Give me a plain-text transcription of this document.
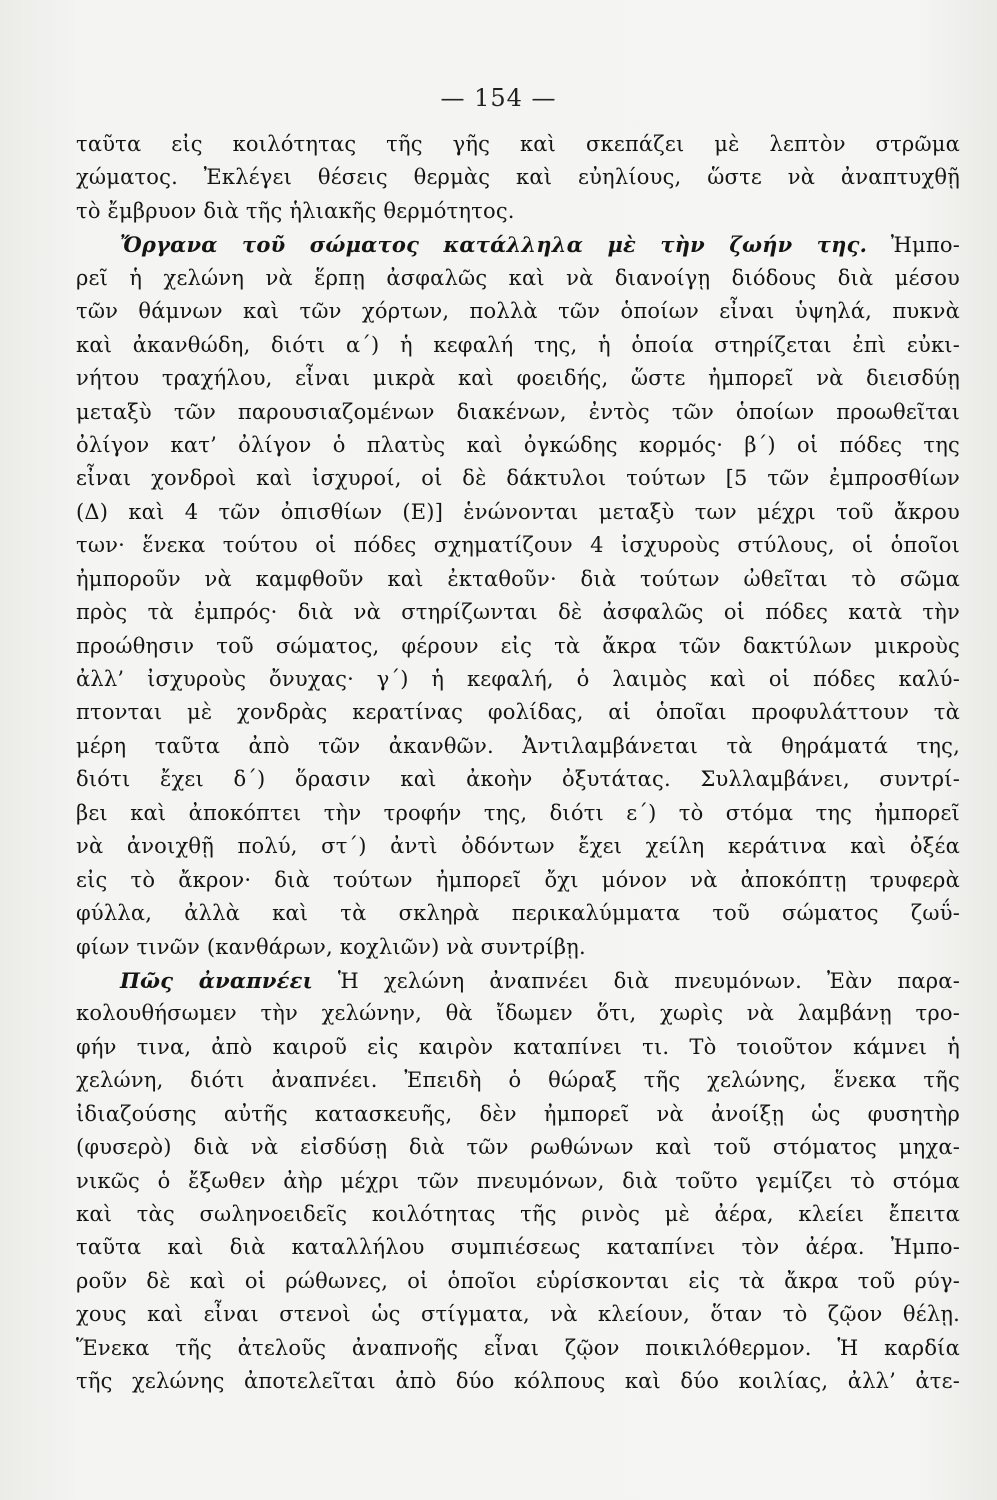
— 154 —
ταῦτα εἰς κοιλότητας τῆς γῆς καὶ σκεπάζει μὲ λεπτὸν στρῶμα
χώματος. Ἐκλέγει θέσεις θερμὰς καὶ εὐηλίους, ὥστε νὰ ἀναπτυχθῇ
τὸ ἔμβρυον διὰ τῆς ἡλιακῆς θερμότητος.
Ὄργανα τοῦ σώματος κατάλληλα μὲ τὴν ζωήν της. Ἠμπο-
ρεῖ ἡ χελώνη νὰ ἕρπῃ ἀσφαλῶς καὶ νὰ διανοίγῃ διόδους διὰ μέσου
τῶν θάμνων καὶ τῶν χόρτων, πολλὰ τῶν ὁποίων εἶναι ὑψηλά, πυκνὰ
καὶ ἀκανθώδη, διότι α΄) ἡ κεφαλή της, ἡ ὁποία στηρίζεται ἐπὶ εὐκι-
νήτου τραχήλου, εἶναι μικρὰ καὶ φοειδής, ὥστε ἠμπορεῖ νὰ διεισδύῃ
μεταξὺ τῶν παρουσιαζομένων διακένων, ἐντὸς τῶν ὁποίων προωθεῖται
ὀλίγον κατ’ ὀλίγον ὁ πλατὺς καὶ ὀγκώδης κορμός· β΄) οἱ πόδες της
εἶναι χονδροὶ καὶ ἰσχυροί, οἱ δὲ δάκτυλοι τούτων [5 τῶν ἐμπροσθίων
(Δ) καὶ 4 τῶν ὀπισθίων (Ε)] ἑνώνονται μεταξὺ των μέχρι τοῦ ἄκρου
των· ἕνεκα τούτου οἱ πόδες σχηματίζουν 4 ἰσχυροὺς στύλους, οἱ ὁποῖοι
ἠμποροῦν νὰ καμφθοῦν καὶ ἐκταθοῦν· διὰ τούτων ὠθεῖται τὸ σῶμα
πρὸς τὰ ἐμπρός· διὰ νὰ στηρίζωνται δὲ ἀσφαλῶς οἱ πόδες κατὰ τὴν
προώθησιν τοῦ σώματος, φέρουν εἰς τὰ ἄκρα τῶν δακτύλων μικροὺς
ἀλλ’ ἰσχυροὺς ὄνυχας· γ΄) ἡ κεφαλή, ὁ λαιμὸς καὶ οἱ πόδες καλύ-
πτονται μὲ χονδρὰς κερατίνας φολίδας, αἱ ὁποῖαι προφυλάττουν τὰ
μέρη ταῦτα ἀπὸ τῶν ἀκανθῶν. Ἀντιλαμβάνεται τὰ θηράματά της,
διότι ἔχει δ΄) ὅρασιν καὶ ἀκοὴν ὀξυτάτας. Συλλαμβάνει, συντρί-
βει καὶ ἀποκόπτει τὴν τροφήν της, διότι ε΄) τὸ στόμα της ἠμπορεῖ
νὰ ἀνοιχθῇ πολύ, στ΄) ἀντὶ ὀδόντων ἔχει χείλη κεράτινα καὶ ὀξέα
εἰς τὸ ἄκρον· διὰ τούτων ἠμπορεῖ ὄχι μόνον νὰ ἀποκόπτῃ τρυφερὰ
φύλλα, ἀλλὰ καὶ τὰ σκληρὰ περικαλύμματα τοῦ σώματος ζωΰ-
φίων τινῶν (κανθάρων, κοχλιῶν) νὰ συντρίβῃ.
Πῶς ἀναπνέει Ἡ χελώνη ἀναπνέει διὰ πνευμόνων. Ἐὰν παρα-
κολουθήσωμεν τὴν χελώνην, θὰ ἴδωμεν ὅτι, χωρὶς νὰ λαμβάνῃ τρο-
φήν τινα, ἀπὸ καιροῦ εἰς καιρὸν καταπίνει τι. Τὸ τοιοῦτον κάμνει ἡ
χελώνη, διότι ἀναπνέει. Ἐπειδὴ ὁ θώραξ τῆς χελώνης, ἕνεκα τῆς
ἰδιαζούσης αὐτῆς κατασκευῆς, δὲν ἠμπορεῖ νὰ ἀνοίξῃ ὡς φυσητὴρ
(φυσερὸ) διὰ νὰ εἰσδύσῃ διὰ τῶν ρωθώνων καὶ τοῦ στόματος μηχα-
νικῶς ὁ ἔξωθεν ἀὴρ μέχρι τῶν πνευμόνων, διὰ τοῦτο γεμίζει τὸ στόμα
καὶ τὰς σωληνοειδεῖς κοιλότητας τῆς ρινὸς μὲ ἀέρα, κλείει ἔπειτα
ταῦτα καὶ διὰ καταλλήλου συμπιέσεως καταπίνει τὸν ἀέρα. Ἠμπο-
ροῦν δὲ καὶ οἱ ρώθωνες, οἱ ὁποῖοι εὑρίσκονται εἰς τὰ ἄκρα τοῦ ρύγ-
χους καὶ εἶναι στενοὶ ὡς στίγματα, νὰ κλείουν, ὅταν τὸ ζῷον θέλῃ.
Ἕνεκα τῆς ἀτελοῦς ἀναπνοῆς εἶναι ζῷον ποικιλόθερμον. Ἡ καρδία
τῆς χελώνης ἀποτελεῖται ἀπὸ δύο κόλπους καὶ δύο κοιλίας, ἀλλ’ ἀτε-
